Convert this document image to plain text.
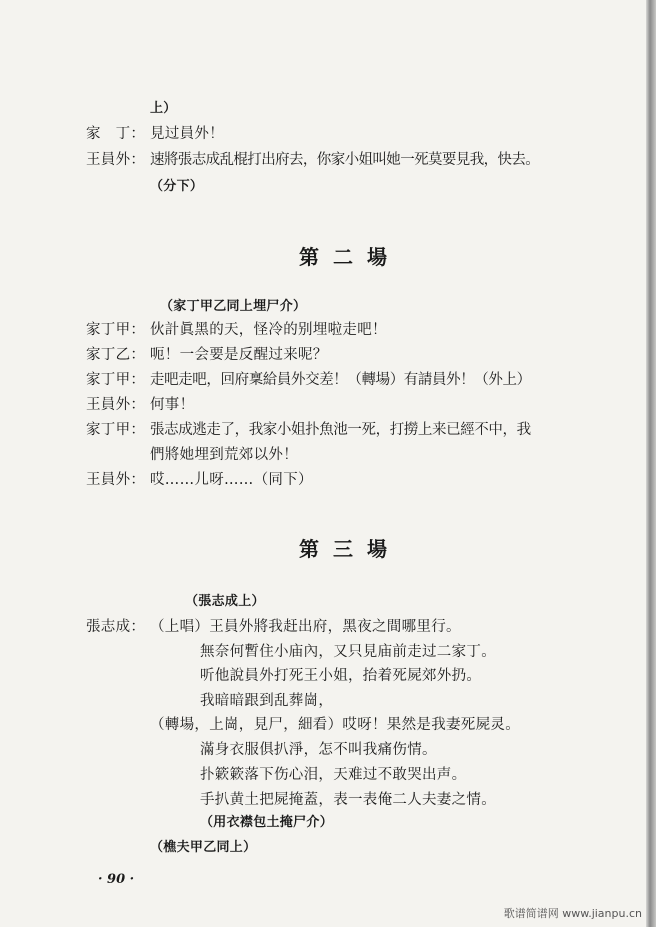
上）
家　丁： 見过員外！
王員外： 速將張志成乱棍打出府去，你家小姐叫她一死莫要見我，快去。
（分下）
第二場
（家丁甲乙同上埋尸介）
家丁甲： 伙計眞黑的天，怪冷的别埋啦走吧！
家丁乙： 呃！一会要是反醒过来呢？
家丁甲： 走吧走吧，回府稟給員外交差！（轉場）有請員外！（外上）
王員外： 何事！
家丁甲： 張志成逃走了，我家小姐扑魚池一死，打撈上来已經不中，我
們將她埋到荒郊以外！
王員外： 哎……儿呀……（同下）
第三場
（張志成上）
張志成： （上唱）王員外將我赶出府，黑夜之間哪里行。
無奈何暫住小庙內，又只見庙前走过二家丁。
听他說員外打死王小姐，抬着死屍郊外扔。
我暗暗跟到乱葬崗，
（轉場，上崗，見尸，細看）哎呀！果然是我妻死屍灵。
滿身衣服俱扒淨，怎不叫我痛伤情。
扑簌簌落下伤心泪，天难过不敢哭出声。
手扒黄土把屍掩蓋，表一表俺二人夫妻之情。
（用衣襟包土掩尸介）
（樵夫甲乙同上）
· 90 ·
歌谱简谱网 www.jianpu.cn
